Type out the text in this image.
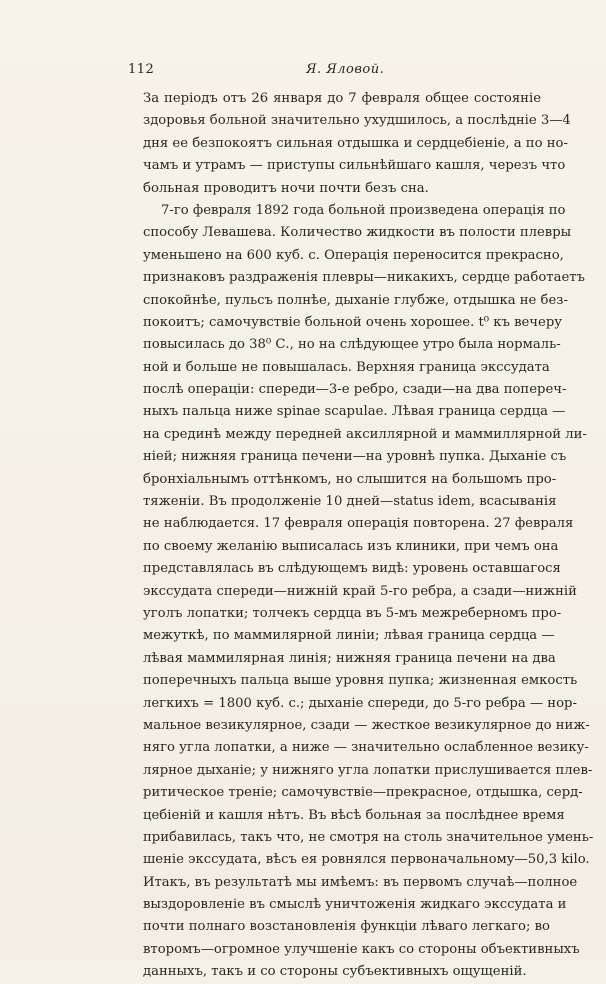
112	Я. Яловой.
За періодъ отъ 26 января до 7 февраля общее состояніе
здоровья больной значительно ухудшилось, а послѣдніе 3—4
дня ее безпокоятъ сильная отдышка и сердцебіеніе, а по но-
чамъ и утрамъ — приступы сильнѣйшаго кашля, черезъ что
больная проводитъ ночи почти безъ сна.
7-го февраля 1892 года больной произведена операція по
способу Левашева. Количество жидкости въ полости плевры
уменьшено на 600 куб. с. Операція переносится прекрасно,
признаковъ раздраженія плевры—никакихъ, сердце работаетъ
спокойнѣе, пульсъ полнѣе, дыханіе глубже, отдышка не без-
покоитъ; самочувствіе больной очень хорошее. t⁰ къ вечеру
повысилась до 38⁰ С., но на слѣдующее утро была нормаль-
ной и больше не повышалась. Верхняя граница экссудата
послѣ операціи: спереди—3-е ребро, сзади—на два попереч-
ныхъ пальца ниже spinae scapulae. Лѣвая граница сердца —
на срединѣ между передней аксиллярной и маммиллярной ли-
ніей; нижняя граница печени—на уровнѣ пупка. Дыханіе съ
бронхіальнымъ оттѣнкомъ, но слышится на большомъ про-
тяженіи. Въ продолженіе 10 дней—status idem, всасыванія
не наблюдается. 17 февраля операція повторена. 27 февраля
по своему желанію выписалась изъ клиники, при чемъ она
представлялась въ слѣдующемъ видѣ: уровень оставшагося
экссудата спереди—нижній край 5-го ребра, а сзади—нижній
уголъ лопатки; толчекъ сердца въ 5-мъ межреберномъ про-
межуткѣ, по маммилярной линіи; лѣвая граница сердца —
лѣвая маммилярная линія; нижняя граница печени на два
поперечныхъ пальца выше уровня пупка; жизненная емкость
легкихъ = 1800 куб. с.; дыханіе спереди, до 5-го ребра — нор-
мальное везикулярное, сзади — жесткое везикулярное до ниж-
няго угла лопатки, а ниже — значительно ослабленное везику-
лярное дыханіе; у нижняго угла лопатки прислушивается плев-
ритическое треніе; самочувствіе—прекрасное, отдышка, серд-
цебіеній и кашля нѣтъ. Въ вѣсѣ больная за послѣднее время
прибавилась, такъ что, не смотря на столь значительное умень-
шеніе экссудата, вѣсъ ея ровнялся первоначальному—50,3 kilo.
Итакъ, въ результатѣ мы имѣемъ: въ первомъ случаѣ—полное
выздоровленіе въ смыслѣ уничтоженія жидкаго экссудата и
почти полнаго возстановленія функціи лѣваго легкаго; во
второмъ—огромное улучшеніе какъ со стороны объективныхъ
данныхъ, такъ и со стороны субъективныхъ ощущеній.
